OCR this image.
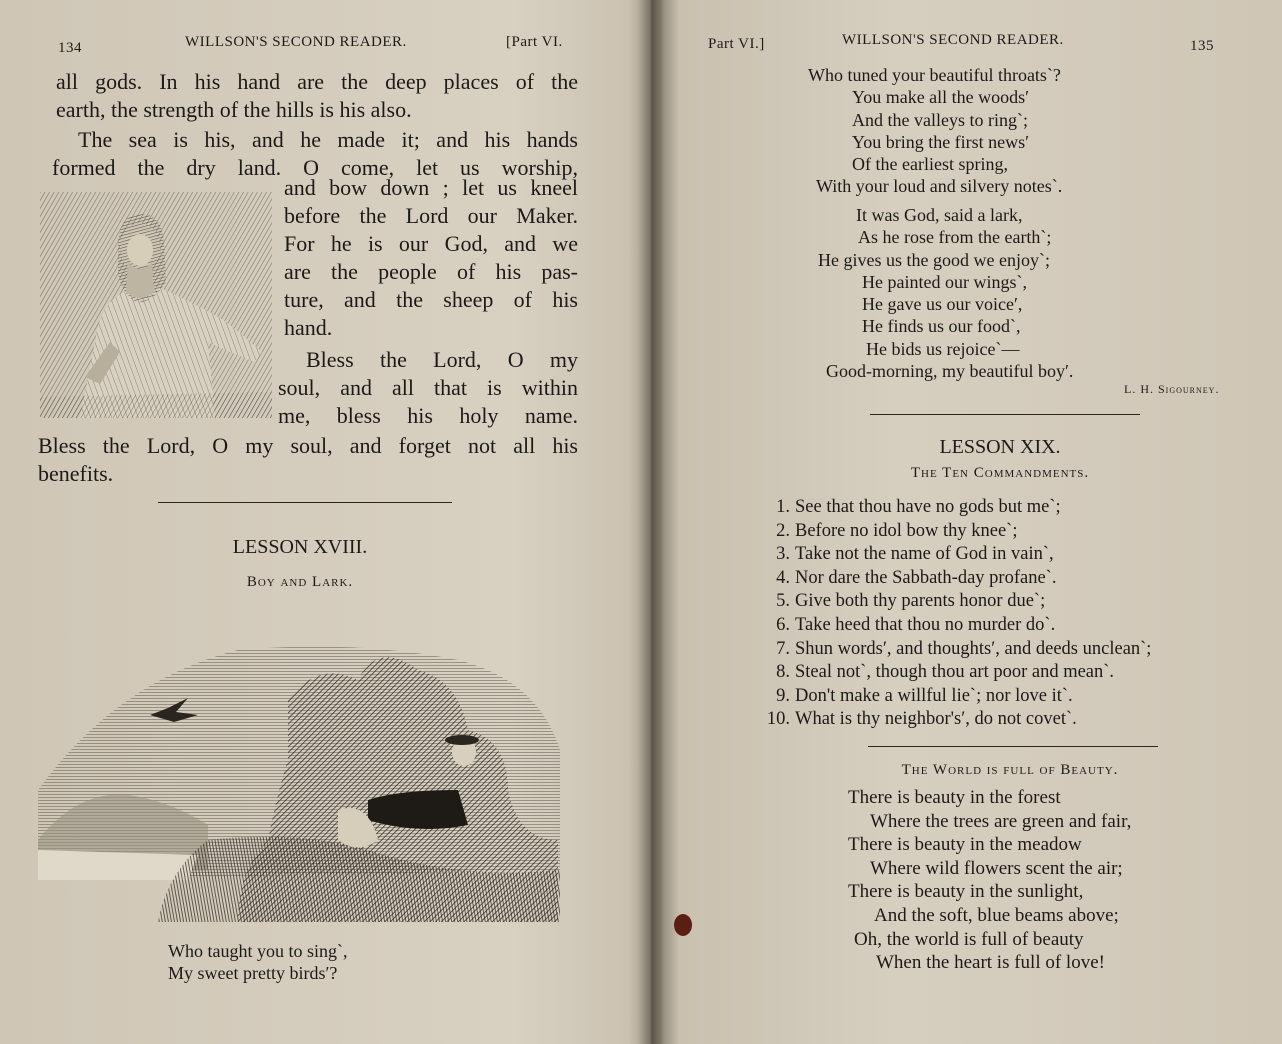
134	WILLSON'S SECOND READER.	[Part VI.

all gods. In his hand are the deep places of the

earth, the strength of the hills is his also.

The sea is his, and he made it; and his hands

formed the dry land. O come, let us worship,

and bow down ; let us kneel

before the Lord our Maker.

For he is our God, and we

are the people of his pas-

ture, and the sheep of his

hand.

Bless the Lord, O my

soul, and all that is within

me, bless his holy name.

Bless the Lord, O my soul, and forget not all his

benefits.

LESSON XVIII.
Boy and Lark.
Who taught you to sing`,
My sweet pretty birds′?
Part VI.]	WILLSON'S SECOND READER.	135
Who tuned your beautiful throats`?
You make all the woods′
And the valleys to ring`;
You bring the first news′
Of the earliest spring,
With your loud and silvery notes`.
It was God, said a lark,
As he rose from the earth`;
He gives us the good we enjoy`;
He painted our wings`,
He gave us our voice′,
He finds us our food`,
He bids us rejoice`—
Good-morning, my beautiful boy′.
L. H. Sigourney.
LESSON XIX.
The Ten Commandments.
1. See that thou have no gods but me`;
2. Before no idol bow thy knee`;
3. Take not the name of God in vain`,
4. Nor dare the Sabbath-day profane`.
5. Give both thy parents honor due`;
6. Take heed that thou no murder do`.
7. Shun words′, and thoughts′, and deeds unclean`;
8. Steal not`, though thou art poor and mean`.
9. Don't make a willful lie`; nor love it`.
10. What is thy neighbor's′, do not covet`.
The World is full of Beauty.
There is beauty in the forest
Where the trees are green and fair,
There is beauty in the meadow
Where wild flowers scent the air;
There is beauty in the sunlight,
And the soft, blue beams above;
Oh, the world is full of beauty
When the heart is full of love!
